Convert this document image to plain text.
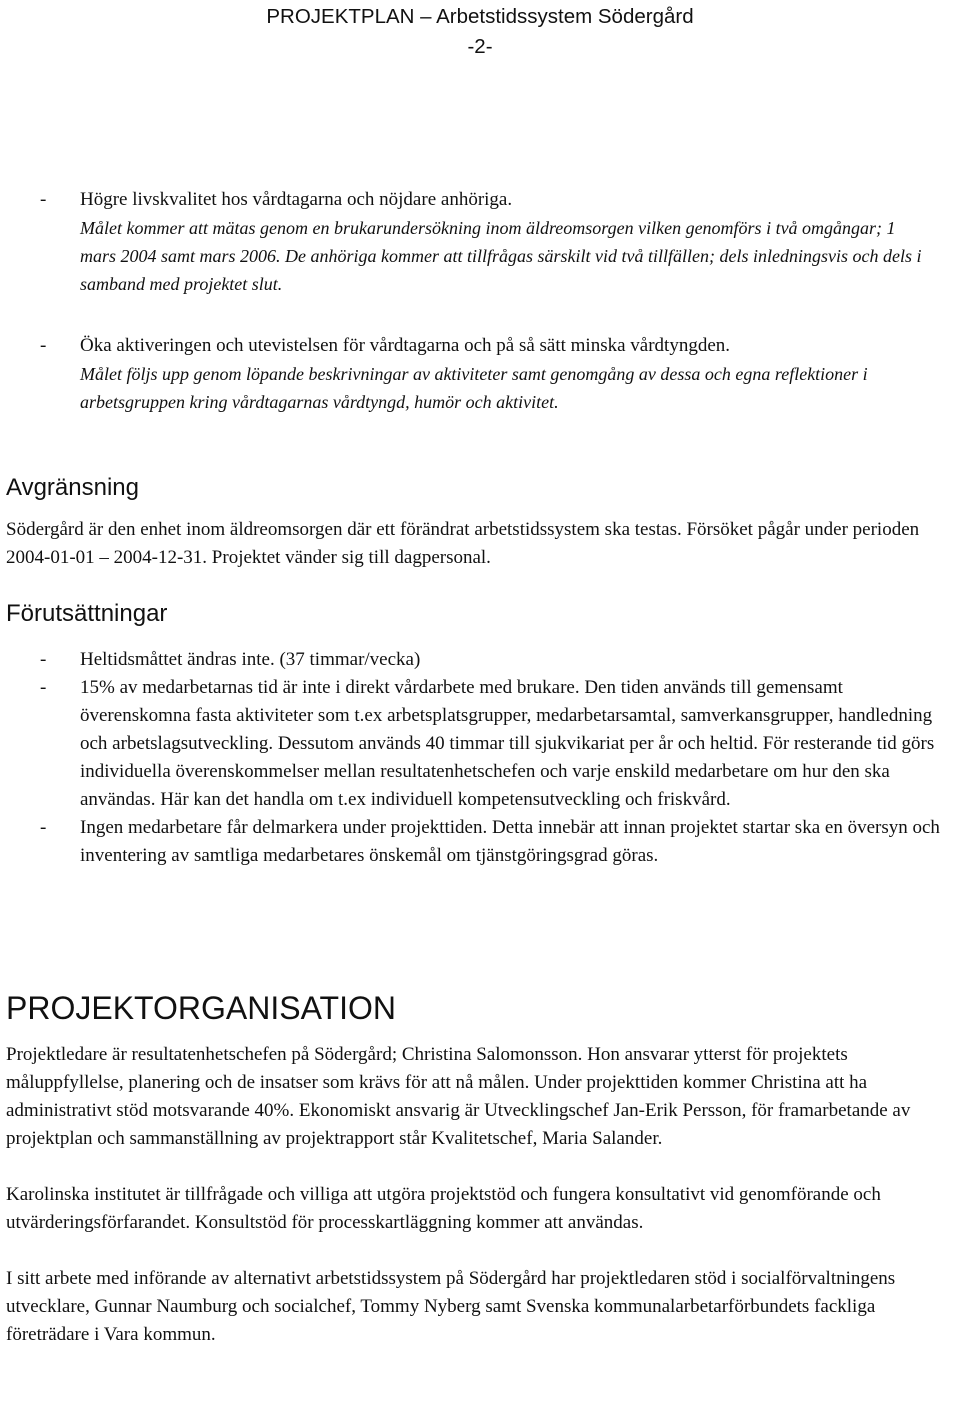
PROJEKTPLAN – Arbetstidssystem Södergård
-2-
- Högre livskvalitet hos vårdtagarna och nöjdare anhöriga.
Målet kommer att mätas genom en brukarundersökning inom äldreomsorgen vilken genomförs i två omgångar; 1 mars 2004 samt mars 2006. De anhöriga kommer att tillfrågas särskilt vid två tillfällen; dels inledningsvis och dels i samband med projektet slut.
- Öka aktiveringen och utevistelsen för vårdtagarna och på så sätt minska vårdtyngden.
Målet följs upp genom löpande beskrivningar av aktiviteter samt genomgång av dessa och egna reflektioner i arbetsgruppen kring vårdtagarnas vårdtyngd, humör och aktivitet.
Avgränsning
Södergård är den enhet inom äldreomsorgen där ett förändrat arbetstidssystem ska testas. Försöket pågår under perioden 2004-01-01 – 2004-12-31. Projektet vänder sig till dagpersonal.
Förutsättningar
- Heltidsmåttet ändras inte. (37 timmar/vecka)
- 15% av medarbetarnas tid är inte i direkt vårdarbete med brukare. Den tiden används till gemensamt överenskomna fasta aktiviteter som t.ex arbetsplatsgrupper, medarbetarsamtal, samverkansgrupper, handledning och arbetslagsutveckling. Dessutom används 40 timmar till sjukvikariat per år och heltid. För resterande tid görs individuella överenskommelser mellan resultatenhetschefen och varje enskild medarbetare om hur den ska användas. Här kan det handla om t.ex individuell kompetensutveckling och friskvård.
- Ingen medarbetare får delmarkera under projekttiden. Detta innebär att innan projektet startar ska en översyn och inventering av samtliga medarbetares önskemål om tjänstgöringsgrad göras.
PROJEKTORGANISATION

Projektledare är resultatenhetschefen på Södergård; Christina Salomonsson. Hon ansvarar ytterst för projektets måluppfyllelse, planering och de insatser som krävs för att nå målen. Under projekttiden kommer Christina att ha administrativt stöd motsvarande 40%. Ekonomiskt ansvarig är Utvecklingschef Jan-Erik Persson, för framarbetande av projektplan och sammanställning av projektrapport står Kvalitetschef, Maria Salander.

Karolinska institutet är tillfrågade och villiga att utgöra projektstöd och fungera konsultativt vid genomförande och utvärderingsförfarandet. Konsultstöd för processkartläggning kommer att användas.

I sitt arbete med införande av alternativt arbetstidssystem på Södergård har projektledaren stöd i socialförvaltningens utvecklare, Gunnar Naumburg och socialchef, Tommy Nyberg samt Svenska kommunalarbetarförbundets fackliga företrädare i Vara kommun.
